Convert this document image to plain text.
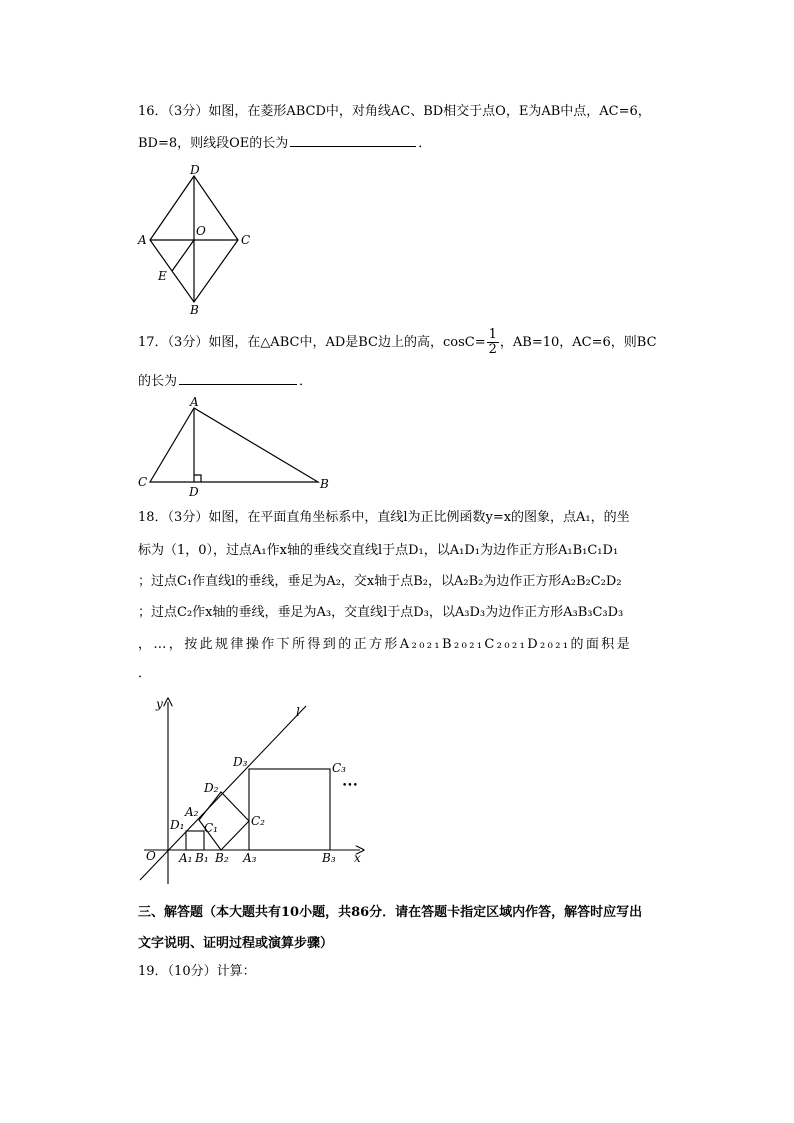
16．（3分）如图，在菱形ABCD中，对角线AC、BD相交于点O，E为AB中点，AC=6，
BD=8，则线段OE的长为	．
D
A
O
C
E
B
17．（3分）如图，在△ABC中，AD是BC边上的高，$\cos C= \frac{1}{2}$ ，AB=10，AC=6，则BC
的长为	．
A
C
D
B
18．（3分）如图，在平面直角坐标系中，直线l为正比例函数y=x的图象，点A₁，的坐
标为（1，0），过点A₁作x轴的垂线交直线l于点D₁，以A₁D₁为边作正方形A₁B₁C₁D₁
；过点C₁作直线l的垂线，垂足为A₂，交x轴于点B₂，以A₂B₂为边作正方形A₂B₂C₂D₂
；过点C₂作x轴的垂线，垂足为A₃，交直线l于点D₃，以A₃D₃为边作正方形A₃B₃C₃D₃
，…，按此规律操作下所得到的正方形A₂₀₂₁B₂₀₂₁C₂₀₂₁D₂₀₂₁的面积是
．
y
l
O	x
D₁
A₂
C₁
A₁ B₁ B₂ A₃	B₃
D₂
C₂
D₃	C₃
•••
三、解答题（本大题共有10小题，共86分．请在答题卡指定区域内作答，解答时应写出
文字说明、证明过程或演算步骤）
19．（10分）计算：
